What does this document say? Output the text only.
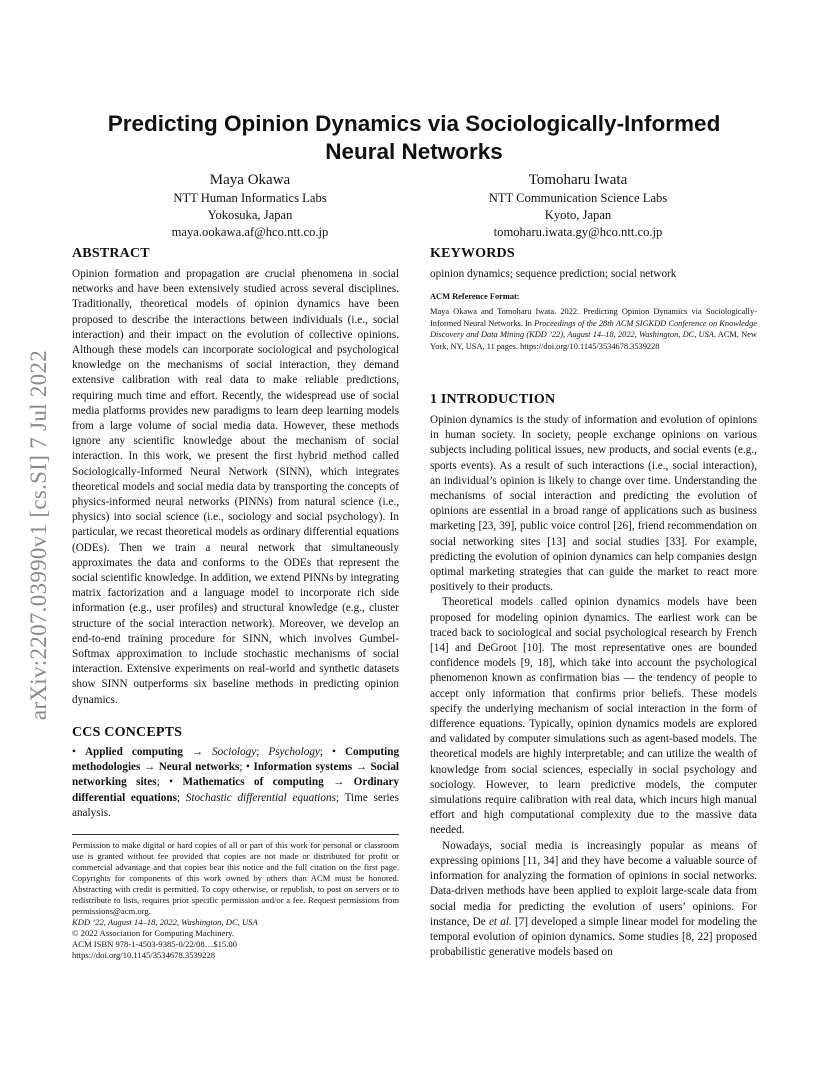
arXiv:2207.03990v1 [cs.SI] 7 Jul 2022
Predicting Opinion Dynamics via Sociologically-Informed Neural Networks
Maya Okawa
NTT Human Informatics Labs
Yokosuka, Japan
maya.ookawa.af@hco.ntt.co.jp
Tomoharu Iwata
NTT Communication Science Labs
Kyoto, Japan
tomoharu.iwata.gy@hco.ntt.co.jp
ABSTRACT
Opinion formation and propagation are crucial phenomena in social networks and have been extensively studied across several disciplines. Traditionally, theoretical models of opinion dynamics have been proposed to describe the interactions between individuals (i.e., social interaction) and their impact on the evolution of collective opinions. Although these models can incorporate sociological and psychological knowledge on the mechanisms of social interaction, they demand extensive calibration with real data to make reliable predictions, requiring much time and effort. Recently, the widespread use of social media platforms provides new paradigms to learn deep learning models from a large volume of social media data. However, these methods ignore any scientific knowledge about the mechanism of social interaction. In this work, we present the first hybrid method called Sociologically-Informed Neural Network (SINN), which integrates theoretical models and social media data by transporting the concepts of physics-informed neural networks (PINNs) from natural science (i.e., physics) into social science (i.e., sociology and social psychology). In particular, we recast theoretical models as ordinary differential equations (ODEs). Then we train a neural network that simultaneously approximates the data and conforms to the ODEs that represent the social scientific knowledge. In addition, we extend PINNs by integrating matrix factorization and a language model to incorporate rich side information (e.g., user profiles) and structural knowledge (e.g., cluster structure of the social interaction network). Moreover, we develop an end-to-end training procedure for SINN, which involves Gumbel-Softmax approximation to include stochastic mechanisms of social interaction. Extensive experiments on real-world and synthetic datasets show SINN outperforms six baseline methods in predicting opinion dynamics.
CCS CONCEPTS
• Applied computing → Sociology; Psychology; • Computing methodologies → Neural networks; • Information systems → Social networking sites; • Mathematics of computing → Ordinary differential equations; Stochastic differential equations; Time series analysis.
Permission to make digital or hard copies of all or part of this work for personal or classroom use is granted without fee provided that copies are not made or distributed for profit or commercial advantage and that copies bear this notice and the full citation on the first page. Copyrights for components of this work owned by others than ACM must be honored. Abstracting with credit is permitted. To copy otherwise, or republish, to post on servers or to redistribute to lists, requires prior specific permission and/or a fee. Request permissions from permissions@acm.org.
KDD ’22, August 14–18, 2022, Washington, DC, USA
© 2022 Association for Computing Machinery.
ACM ISBN 978-1-4503-9385-0/22/08…$15.00
https://doi.org/10.1145/3534678.3539228
KEYWORDS
opinion dynamics; sequence prediction; social network
ACM Reference Format:
Maya Okawa and Tomoharu Iwata. 2022. Predicting Opinion Dynamics via Sociologically-Informed Neural Networks. In Proceedings of the 28th ACM SIGKDD Conference on Knowledge Discovery and Data Mining (KDD ’22), August 14–18, 2022, Washington, DC, USA. ACM, New York, NY, USA, 11 pages. https://doi.org/10.1145/3534678.3539228
1 INTRODUCTION

Opinion dynamics is the study of information and evolution of opinions in human society. In society, people exchange opinions on various subjects including political issues, new products, and social events (e.g., sports events). As a result of such interactions (i.e., social interaction), an individual’s opinion is likely to change over time. Understanding the mechanisms of social interaction and predicting the evolution of opinions are essential in a broad range of applications such as business marketing [23, 39], public voice control [26], friend recommendation on social networking sites [13] and social studies [33]. For example, predicting the evolution of opinion dynamics can help companies design optimal marketing strategies that can guide the market to react more positively to their products.

Theoretical models called opinion dynamics models have been proposed for modeling opinion dynamics. The earliest work can be traced back to sociological and social psychological research by French [14] and DeGroot [10]. The most representative ones are bounded confidence models [9, 18], which take into account the psychological phenomenon known as confirmation bias — the tendency of people to accept only information that confirms prior beliefs. These models specify the underlying mechanism of social interaction in the form of difference equations. Typically, opinion dynamics models are explored and validated by computer simulations such as agent-based models. The theoretical models are highly interpretable; and can utilize the wealth of knowledge from social sciences, especially in social psychology and sociology. However, to learn predictive models, the computer simulations require calibration with real data, which incurs high manual effort and high computational complexity due to the massive data needed.

Nowadays, social media is increasingly popular as means of expressing opinions [11, 34] and they have become a valuable source of information for analyzing the formation of opinions in social networks. Data-driven methods have been applied to exploit large-scale data from social media for predicting the evolution of users’ opinions. For instance, De et al. [7] developed a simple linear model for modeling the temporal evolution of opinion dynamics. Some studies [8, 22] proposed probabilistic generative models based on
